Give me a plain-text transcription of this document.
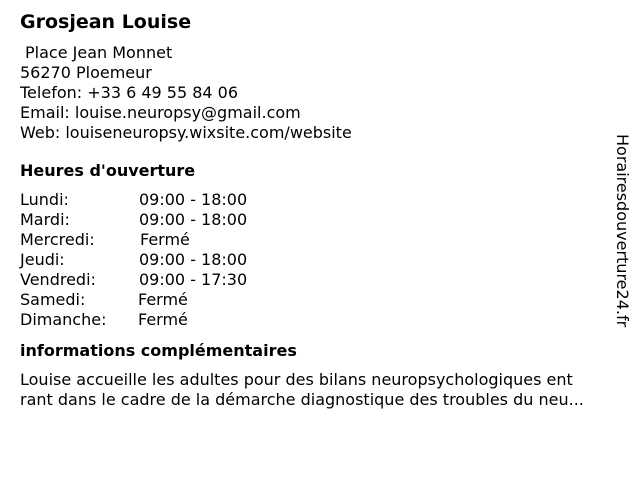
Grosjean Louise
Place Jean Monnet
56270 Ploemeur
Telefon: +33 6 49 55 84 06
Email: louise.neuropsy@gmail.com
Web: louiseneuropsy.wixsite.com/website
Heures d'ouverture
Lundi:	09:00 - 18:00
Mardi:	09:00 - 18:00
Mercredi:	Fermé
Jeudi:	09:00 - 18:00
Vendredi:	09:00 - 17:30
Samedi:	Fermé
Dimanche: Fermé
informations complémentaires
Louise accueille les adultes pour des bilans neuropsychologiques ent
rant dans le cadre de la démarche diagnostique des troubles du neu...
Horairesdouverture24.fr
